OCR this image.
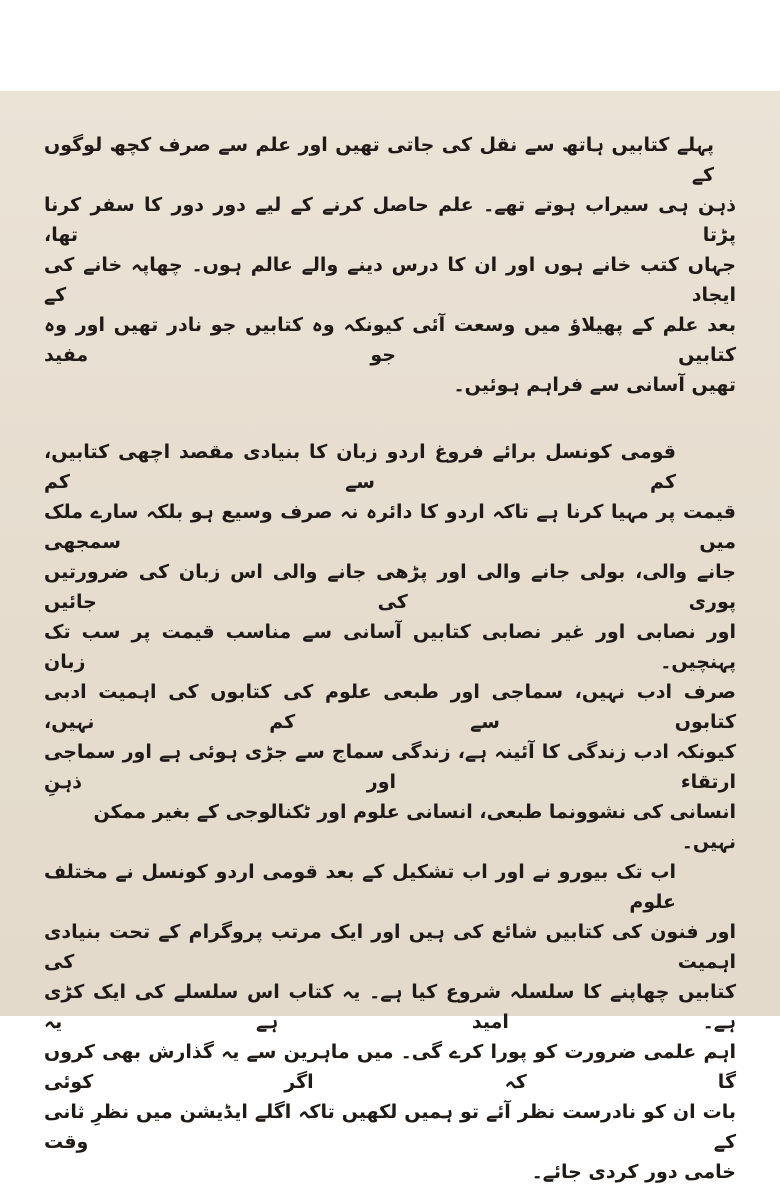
پہلے کتابیں ہاتھ سے نقل کی جاتی تھیں اور علم سے صرف کچھ لوگوں کے
ذہن ہی سیراب ہوتے تھے۔ علم حاصل کرنے کے لیے دور دور کا سفر کرنا پڑتا تھا،
جہاں کتب خانے ہوں اور ان کا درس دینے والے عالم ہوں۔ چھاپہ خانے کی ایجاد کے
بعد علم کے پھیلاؤ میں وسعت آئی کیونکہ وہ کتابیں جو نادر تھیں اور وہ کتابیں جو مفید
تھیں آسانی سے فراہم ہوئیں۔
قومی کونسل برائے فروغ اردو زبان کا بنیادی مقصد اچھی کتابیں، کم سے کم
قیمت پر مہیا کرنا ہے تاکہ اردو کا دائرہ نہ صرف وسیع ہو بلکہ سارے ملک میں سمجھی
جانے والی، بولی جانے والی اور پڑھی جانے والی اس زبان کی ضرورتیں پوری کی جائیں
اور نصابی اور غیر نصابی کتابیں آسانی سے مناسب قیمت پر سب تک پہنچیں۔ زبان
صرف ادب نہیں، سماجی اور طبعی علوم کی کتابوں کی اہمیت ادبی کتابوں سے کم نہیں،
کیونکہ ادب زندگی کا آئینہ ہے، زندگی سماج سے جڑی ہوئی ہے اور سماجی ارتقاء اور ذہنِ
انسانی کی نشوونما طبعی، انسانی علوم اور ٹکنالوجی کے بغیر ممکن نہیں۔
اب تک بیورو نے اور اب تشکیل کے بعد قومی اردو کونسل نے مختلف علوم
اور فنون کی کتابیں شائع کی ہیں اور ایک مرتب پروگرام کے تحت بنیادی اہمیت کی
کتابیں چھاپنے کا سلسلہ شروع کیا ہے۔ یہ کتاب اس سلسلے کی ایک کڑی ہے۔ امید ہے یہ
اہم علمی ضرورت کو پورا کرے گی۔ میں ماہرین سے یہ گذارش بھی کروں گا کہ اگر کوئی
بات ان کو نادرست نظر آئے تو ہمیں لکھیں تاکہ اگلے ایڈیشن میں نظرِ ثانی کے وقت
خامی دور کردی جائے۔
